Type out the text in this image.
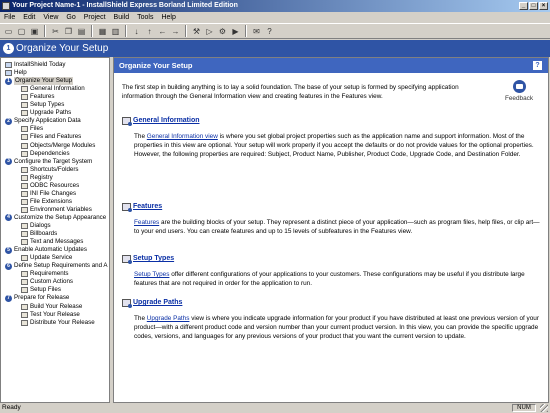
Your Project Name-1 - InstallShield Express Borland Limited Edition	_	□	×
File Edit View Go Project Build Tools Help
▭ ▢ ▣ ✂ ❐ ▤ ▦ ▥	↓	↑ ← → ⚒ ▷ ⚙ ▶	✉ ?
1 Organize Your Setup
InstallShield Today
Help
1 Organize Your Setup
General Information
Features
Setup Types
Upgrade Paths
2 Specify Application Data
Files
Files and Features
Objects/Merge Modules
Dependencies
3 Configure the Target System
Shortcuts/Folders
Registry
ODBC Resources
INI File Changes
File Extensions
Environment Variables
4 Customize the Setup Appearance
Dialogs
Billboards
Text and Messages
5 Enable Automatic Updates
Update Service
6 Define Setup Requirements and A
Requirements
Custom Actions
Setup Files
7 Prepare for Release
Build Your Release
Test Your Release
Distribute Your Release
Organize Your Setup	?
Feedback

The first step in building anything is to lay a solid foundation. The base of your setup is formed by specifying application information through the General Information view and creating features in the Features view.

General Information

The General Information view is where you set global project properties such as the application name and support information. Most of the properties in this view are optional. Your setup will work properly if you accept the defaults or do not provide values for the optional properties. However, the following properties are required: Subject, Product Name, Publisher, Product Code, Upgrade Code, and Destination Folder.

Features

Features are the building blocks of your setup. They represent a distinct piece of your application—such as program files, help files, or clip art—to your end users. You can create features and up to 15 levels of subfeatures in the Features view.

Setup Types

Setup Types offer different configurations of your applications to your customers. These configurations may be useful if you distribute large features that are not required in order for the application to run.

Upgrade Paths

The Upgrade Paths view is where you indicate upgrade information for your product if you have distributed at least one previous version of your product—with a different product code and version number than your current product version. In this view, you can provide the specific upgrade codes, versions, and languages for any previous versions of your product that you want the current version to update.

Ready	NUM
